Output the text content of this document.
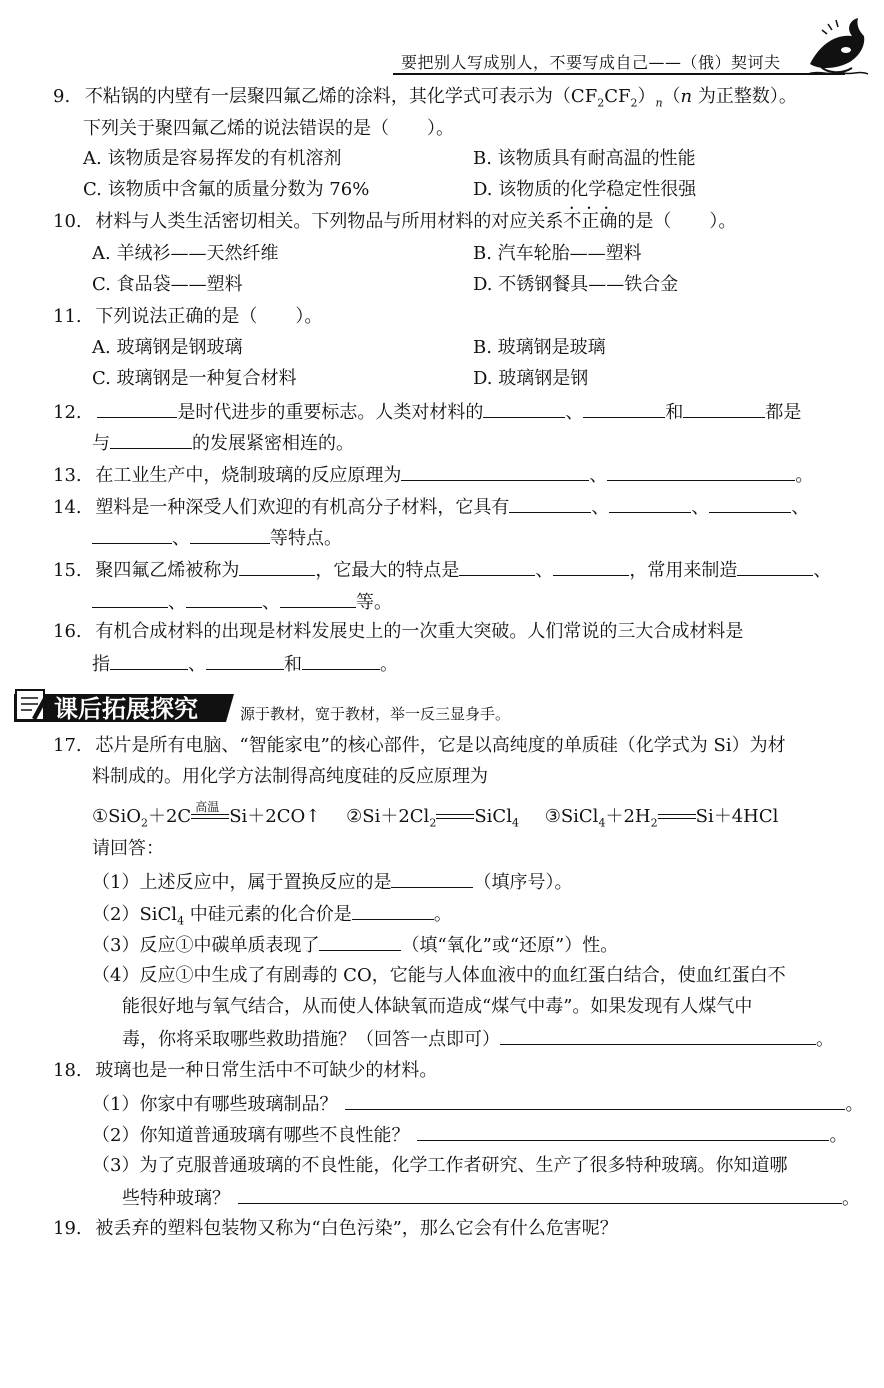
要把别人写成别人，不要写成自己——（俄）契诃夫
9. 不粘锅的内壁有一层聚四氟乙烯的涂料，其化学式可表示为$(CF_2CF_2)_n(n$ 为正整数）。
下列关于聚四氟乙烯的说法错误的是（ ）。
A. 该物质是容易挥发的有机溶剂	B. 该物质具有耐高温的性能
C. 该物质中含氟的质量分数为 76%	D. 该物质的化学稳定性很强
10. 材料与人类生活密切相关。下列物品与所用材料的对应关系• • • 不正确的是（ ）。
A. 羊绒衫——天然纤维	B. 汽车轮胎——塑料
C. 食品袋——塑料	D. 不锈钢餐具——铁合金
11. 下列说法正确的是（ ）。
A. 玻璃钢是钢玻璃	B. 玻璃钢是玻璃
C. 玻璃钢是一种复合材料	D. 玻璃钢是钢
12.	是时代进步的重要标志。人类对材料的	、	和	都是
与	的发展紧密相连的。
13. 在工业生产中，烧制玻璃的反应原理为	、	。
14. 塑料是一种深受人们欢迎的有机高分子材料，它具有	、	、	、
、	等特点。
15. 聚四氟乙烯被称为	，它最大的特点是	、	，常用来制造	、
、	、	等。
16. 有机合成材料的出现是材料发展史上的一次重大突破。人们常说的三大合成材料是
指	、	和	。
课后拓展探究	源于教材，宽于教材，举一反三显身手。
17. 芯片是所有电脑、“智能家电”的核心部件，它是以高纯度的单质硅（化学式为 Si）为材
料制成的。用化学方法制得高纯度硅的反应原理为
①SiO$_2$＋2C 高温 Si＋2CO↑ $②Si+2Cl_2$ SiCl$_4$ $③SiCl_4+2H_2$ Si＋4HCl
请回答：
（1）上述反应中，属于置换反应的是	（填序号）。
（2）SiCl$_4$ 中硅元素的化合价是	。
（3）反应①中碳单质表现了	（填“氧化”或“还原”）性。
（4）反应①中生成了有剧毒的 CO，它能与人体血液中的血红蛋白结合，使血红蛋白不
能很好地与氧气结合，从而使人体缺氧而造成“煤气中毒”。如果发现有人煤气中
毒，你将采取哪些救助措施？（回答一点即可）	。
18. 玻璃也是一种日常生活中不可缺少的材料。
（1）你家中有哪些玻璃制品？	。
（2）你知道普通玻璃有哪些不良性能？	。
（3）为了克服普通玻璃的不良性能，化学工作者研究、生产了很多特种玻璃。你知道哪
些特种玻璃？	。
19. 被丢弃的塑料包装物又称为“白色污染”，那么它会有什么危害呢？
